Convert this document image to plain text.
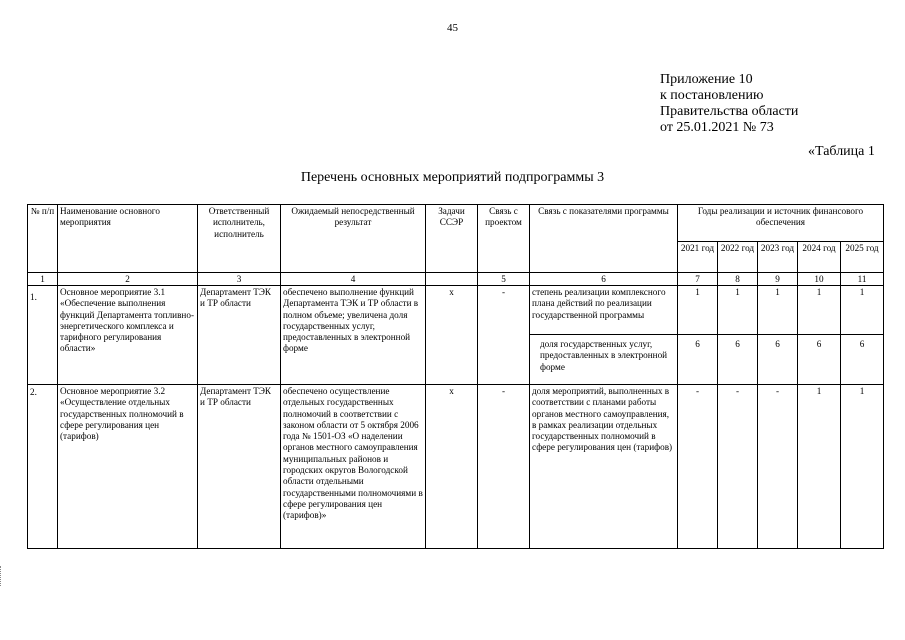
45
Приложение 10
к постановлению
Правительства области
от 25.01.2021 № 73
«Таблица 1
Перечень основных мероприятий подпрограммы 3
№ п/п	Наименование основного мероприятия	Ответственный исполнитель, исполнитель	Ожидаемый непосредственный результат	Задачи ССЭР	Связь с проектом	Связь с показателями программы	Годы реализации и источник финансового обеспечения				
							2021 год	2022 год	2023 год	2024 год	2025 год
1	2	3	4		5	6	7	8	9	10	11
1.	Основное мероприятие 3.1 «Обеспечение выполнения функций Департамента топливно-энергетического комплекса и тарифного регулирования области»	Департамент ТЭК и ТР области	обеспечено выполнение функций Департамента ТЭК и ТР области в полном объеме; увеличена доля государственных услуг, предоставленных в электронной форме	х	-	степень реализации комплексного плана действий по реализации государственной программы	1	1	1	1	1
						доля государственных услуг, предоставленных в электронной форме	6	6	6	6	6
2.	Основное мероприятие 3.2 «Осуществление отдельных государственных полномочий в сфере регулирования цен (тарифов)	Департамент ТЭК и ТР области	обеспечено осуществление отдельных государственных полномочий в соответствии с законом области от 5 октября 2006 года № 1501-ОЗ «О наделении органов местного самоуправления муниципальных районов и городских округов Вологодской области отдельными государственными полномочиями в сфере регулирования цен (тарифов)»	х	-	доля мероприятий, выполненных в соответствии с планами работы органов местного самоуправления, в рамках реализации отдельных государственных полномочий в сфере регулирования цен (тарифов)	-	-	-	1	1
